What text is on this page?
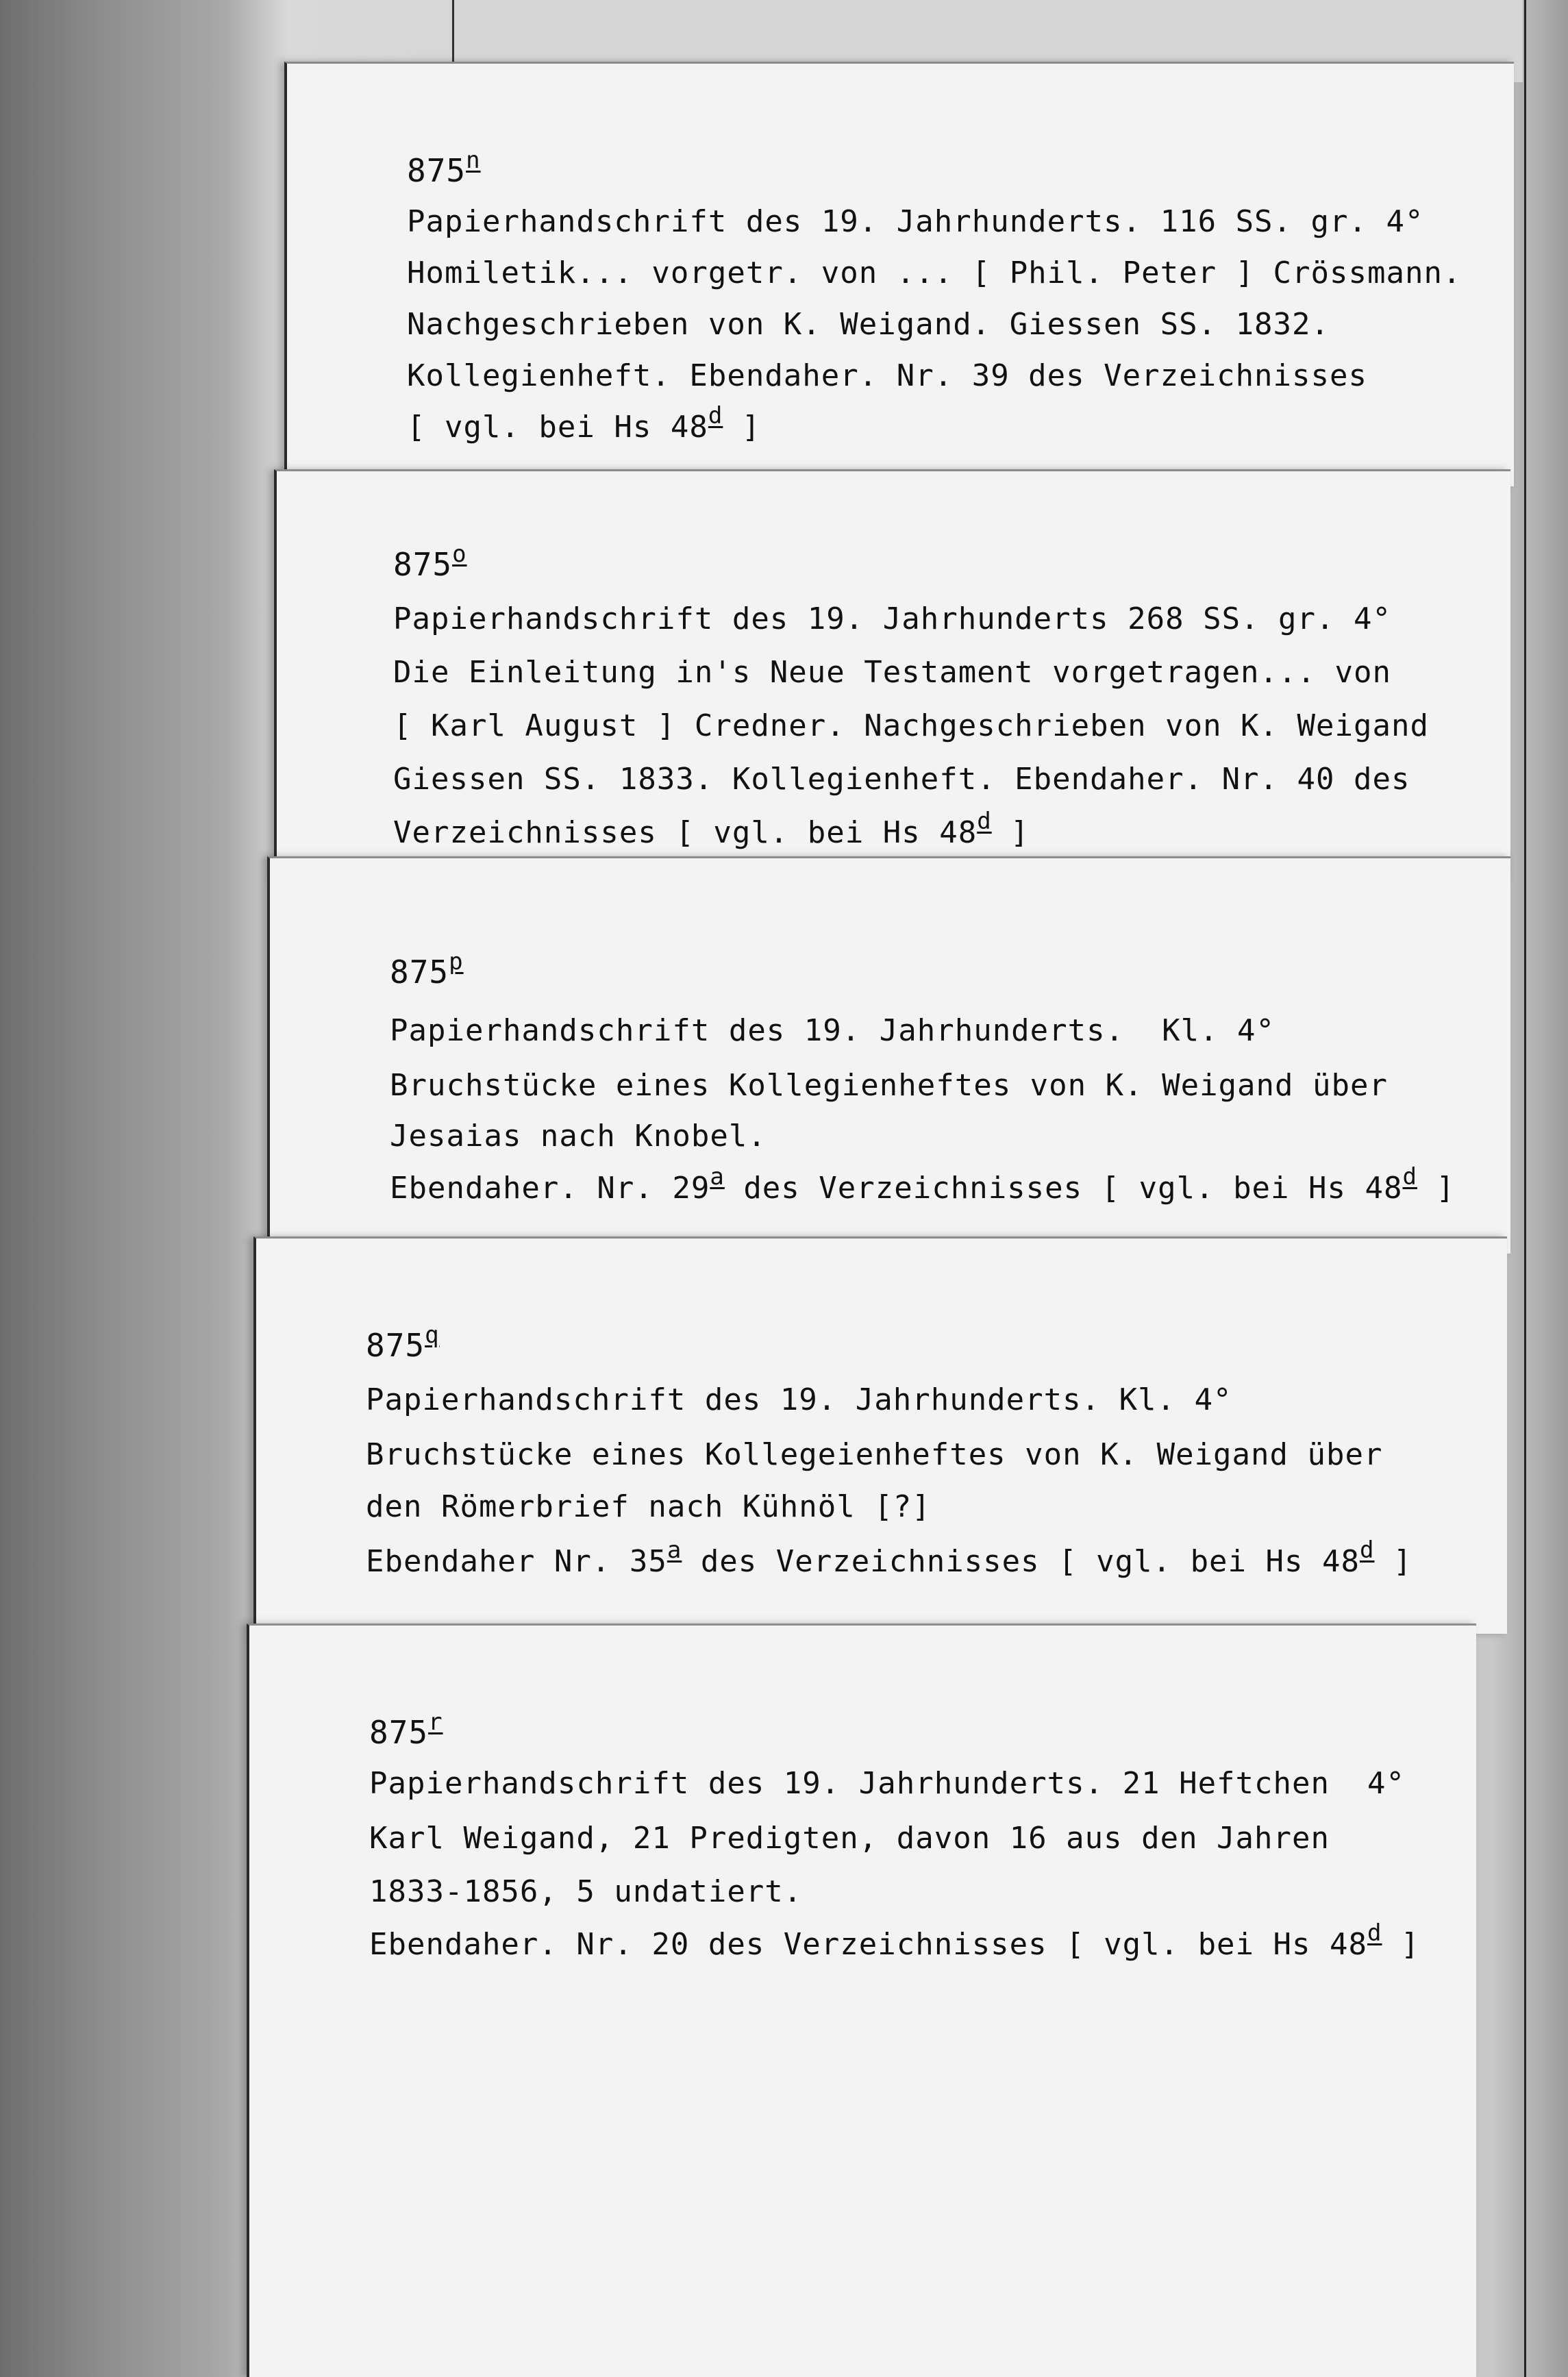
875$^n$
Papierhandschrift des 19. Jahrhunderts. 116 SS. gr. 4°
Homiletik... vorgetr. von ... [ Phil. Peter ] Crössmann.
Nachgeschrieben von K. Weigand. Giessen SS. 1832.
Kollegienheft. Ebendaher. Nr. 39 des Verzeichnisses
[ vgl. bei Hs 48$^d$ ]
875$^o$
Papierhandschrift des 19. Jahrhunderts 268 SS. gr. 4°
Die Einleitung in's Neue Testament vorgetragen... von
[ Karl August ] Credner. Nachgeschrieben von K. Weigand
Giessen SS. 1833. Kollegienheft. Ebendaher. Nr. 40 des
Verzeichnisses [ vgl. bei Hs 48$^d$ ]
875$^p$
Papierhandschrift des 19. Jahrhunderts.  Kl. 4°
Bruchstücke eines Kollegienheftes von K. Weigand über
Jesaias nach Knobel.
Ebendaher. Nr. 29$^a$ des Verzeichnisses [ vgl. bei Hs 48$^d$ ]
875$^q$
Papierhandschrift des 19. Jahrhunderts. Kl. 4°
Bruchstücke eines Kollegeienheftes von K. Weigand über
den Römerbrief nach Kühnöl [?]
Ebendaher Nr. 35$^a$ des Verzeichnisses [ vgl. bei Hs 48$^d$ ]
875$^r$
Papierhandschrift des 19. Jahrhunderts. 21 Heftchen  4°
Karl Weigand, 21 Predigten, davon 16 aus den Jahren
1833-1856, 5 undatiert.
Ebendaher. Nr. 20 des Verzeichnisses [ vgl. bei Hs 48$^d$ ]
